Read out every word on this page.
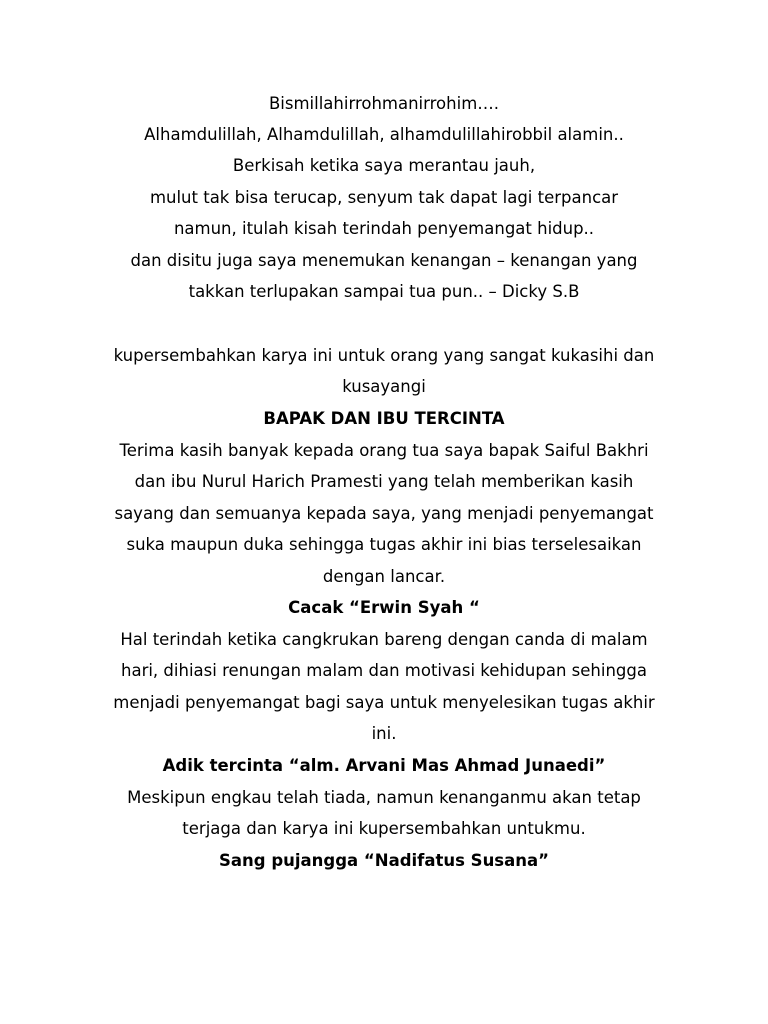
Bismillahirrohmanirrohim….
Alhamdulillah, Alhamdulillah, alhamdulillahirobbil alamin..
Berkisah ketika saya merantau jauh,
mulut tak bisa terucap, senyum tak dapat lagi terpancar
namun, itulah kisah terindah penyemangat hidup..
dan disitu juga saya menemukan kenangan – kenangan yang
takkan terlupakan sampai tua pun.. – Dicky S.B
kupersembahkan karya ini untuk orang yang sangat kukasihi dan
kusayangi
BAPAK DAN IBU TERCINTA
Terima kasih banyak kepada orang tua saya bapak Saiful Bakhri
dan ibu Nurul Harich Pramesti yang telah memberikan kasih
sayang dan semuanya kepada saya, yang menjadi penyemangat
suka maupun duka sehingga tugas akhir ini bias terselesaikan
dengan lancar.
Cacak “Erwin Syah “
Hal terindah ketika cangkrukan bareng dengan canda di malam
hari, dihiasi renungan malam dan motivasi kehidupan sehingga
menjadi penyemangat bagi saya untuk menyelesikan tugas akhir
ini.
Adik tercinta “alm. Arvani Mas Ahmad Junaedi”
Meskipun engkau telah tiada, namun kenanganmu akan tetap
terjaga dan karya ini kupersembahkan untukmu.
Sang pujangga “Nadifatus Susana”
